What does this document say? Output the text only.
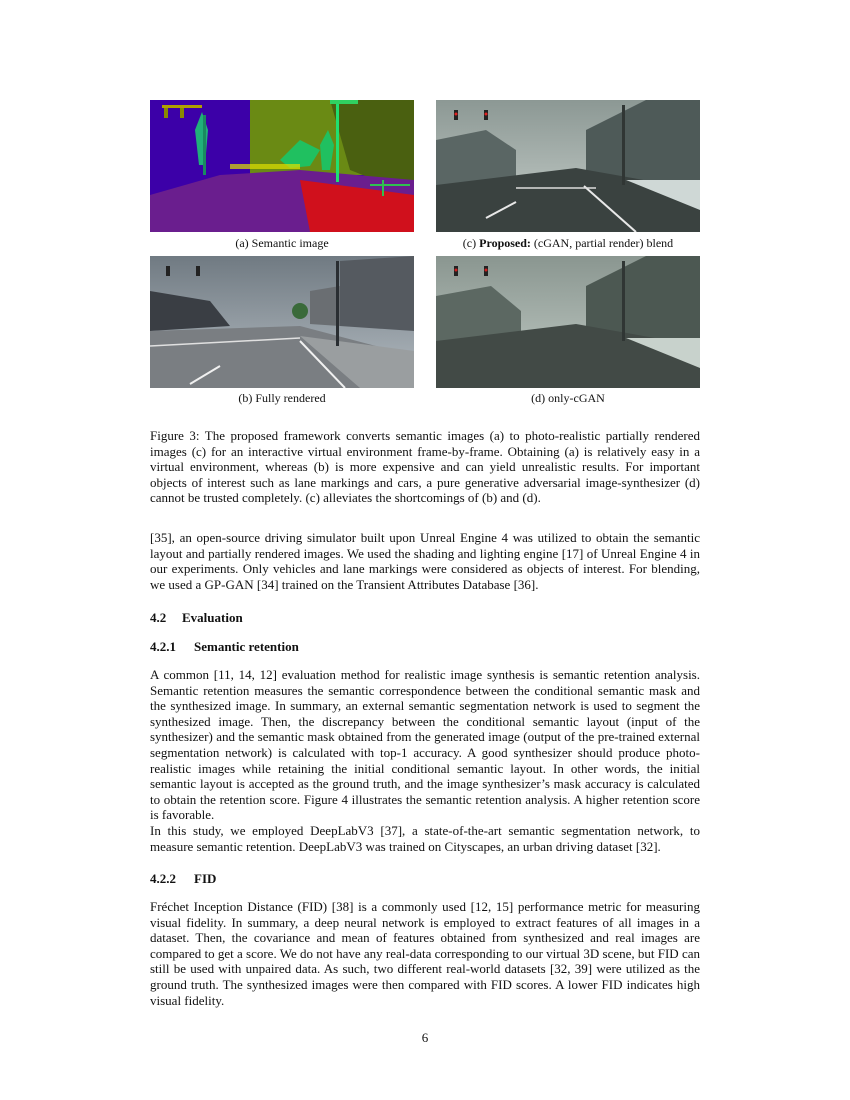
(a) Semantic image	(c) Proposed: (cGAN, partial render) blend
(b) Fully rendered	(d) only-cGAN

Figure 3: The proposed framework converts semantic images (a) to photo-realistic partially rendered images (c) for an interactive virtual environment frame-by-frame. Obtaining (a) is relatively easy in a virtual environment, whereas (b) is more expensive and can yield unrealistic results. For important objects of interest such as lane markings and cars, a pure generative adversarial image-synthesizer (d) cannot be trusted completely. (c) alleviates the shortcomings of (b) and (d).

[35], an open-source driving simulator built upon Unreal Engine 4 was utilized to obtain the semantic layout and partially rendered images. We used the shading and lighting engine [17] of Unreal Engine 4 in our experiments. Only vehicles and lane markings were considered as objects of interest. For blending, we used a GP-GAN [34] trained on the Transient Attributes Database [36].

4.2 Evaluation
4.2.1 Semantic retention

A common [11, 14, 12] evaluation method for realistic image synthesis is semantic retention analysis. Semantic retention measures the semantic correspondence between the conditional semantic mask and the synthesized image. In summary, an external semantic segmentation network is used to segment the synthesized image. Then, the discrepancy between the conditional semantic layout (input of the synthesizer) and the semantic mask obtained from the generated image (output of the pre-trained external segmentation network) is calculated with top-1 accuracy. A good synthesizer should produce photo-realistic images while retaining the initial conditional semantic layout. In other words, the initial semantic layout is accepted as the ground truth, and the image synthesizer’s mask accuracy is calculated to obtain the retention score. Figure 4 illustrates the semantic retention analysis. A higher retention score is favorable.

In this study, we employed DeepLabV3 [37], a state-of-the-art semantic segmentation network, to measure semantic retention. DeepLabV3 was trained on Cityscapes, an urban driving dataset [32].

4.2.2 FID

Fréchet Inception Distance (FID) [38] is a commonly used [12, 15] performance metric for measuring visual fidelity. In summary, a deep neural network is employed to extract features of all images in a dataset. Then, the covariance and mean of features obtained from synthesized and real images are compared to get a score. We do not have any real-data corresponding to our virtual 3D scene, but FID can still be used with unpaired data. As such, two different real-world datasets [32, 39] were utilized as the ground truth. The synthesized images were then compared with FID scores. A lower FID indicates high visual fidelity.

6
